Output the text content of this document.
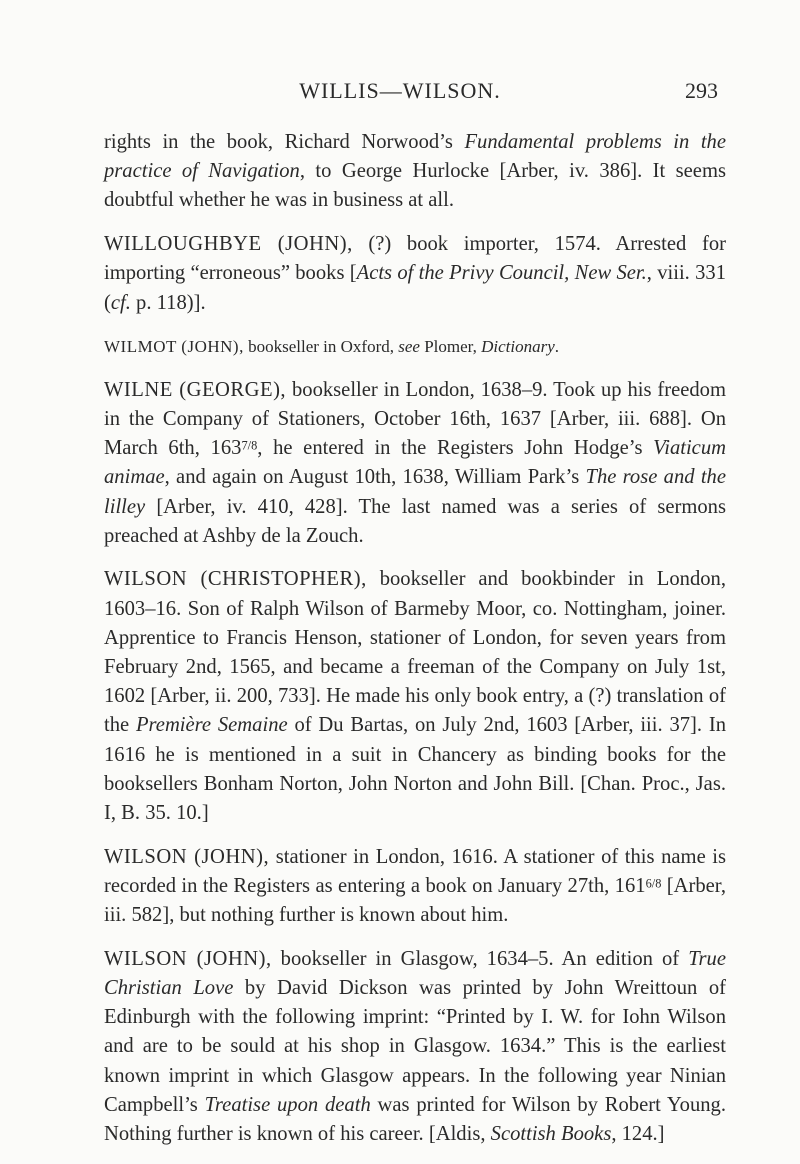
WILLIS—WILSON.	293

rights in the book, Richard Norwood’s Fundamental problems in the practice of Navigation, to George Hurlocke [Arber, iv. 386]. It seems doubtful whether he was in business at all.

WILLOUGHBYE (JOHN), (?) book importer, 1574. Arrested for importing “erroneous” books [Acts of the Privy Council, New Ser., viii. 331 (cf. p. 118)].

WILMOT (JOHN), bookseller in Oxford, see Plomer, Dictionary.

WILNE (GEORGE), bookseller in London, 1638–9. Took up his freedom in the Company of Stationers, October 16th, 1637 [Arber, iii. 688]. On March 6th, $163^{7/8}$, he entered in the Registers John Hodge’s Viaticum animae, and again on August 10th, 1638, William Park’s The rose and the lilley [Arber, iv. 410, 428]. The last named was a series of sermons preached at Ashby de la Zouch.

WILSON (CHRISTOPHER), bookseller and bookbinder in London, 1603–16. Son of Ralph Wilson of Barmeby Moor, co. Nottingham, joiner. Apprentice to Francis Henson, stationer of London, for seven years from February 2nd, 1565, and became a freeman of the Company on July 1st, 1602 [Arber, ii. 200, 733]. He made his only book entry, a (?) translation of the Première Semaine of Du Bartas, on July 2nd, 1603 [Arber, iii. 37]. In 1616 he is mentioned in a suit in Chancery as binding books for the booksellers Bonham Norton, John Norton and John Bill. [Chan. Proc., Jas. I, B. 35. 10.]

WILSON (JOHN), stationer in London, 1616. A stationer of this name is recorded in the Registers as entering a book on January 27th, $161^{6/8}$ [Arber, iii. 582], but nothing further is known about him.

WILSON (JOHN), bookseller in Glasgow, 1634–5. An edition of True Christian Love by David Dickson was printed by John Wreittoun of Edinburgh with the following imprint: “Printed by I. W. for Iohn Wilson and are to be sould at his shop in Glasgow. 1634.” This is the earliest known imprint in which Glasgow appears. In the following year Ninian Campbell’s Treatise upon death was printed for Wilson by Robert Young. Nothing further is known of his career. [Aldis, Scottish Books, 124.]
